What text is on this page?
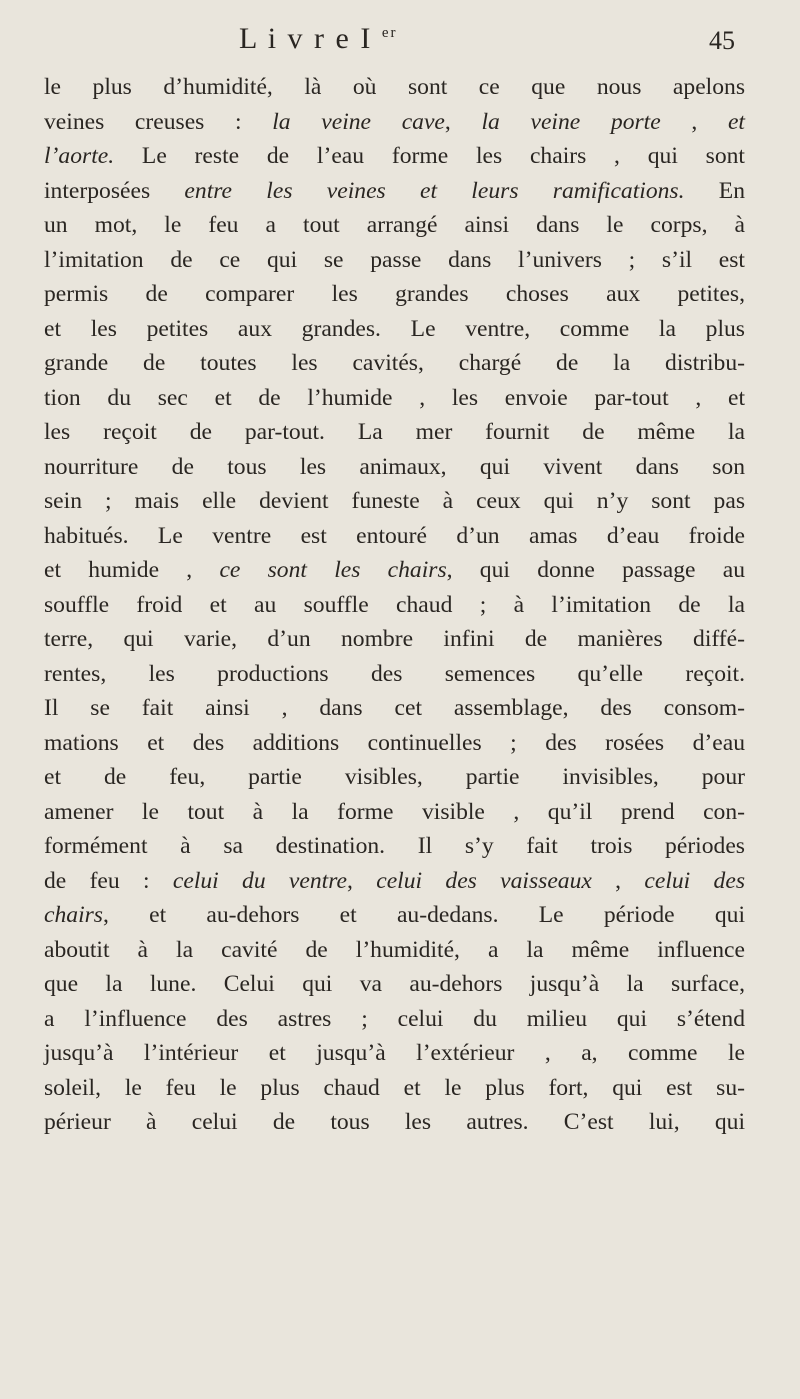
L i v r e I $^{er}$	45
le plus d’humidité, là où sont ce que nous apelons
veines creuses : la veine cave, la veine porte , et
l’aorte. Le reste de l’eau forme les chairs , qui sont
interposées entre les veines et leurs ramifications. En
un mot, le feu a tout arrangé ainsi dans le corps, à
l’imitation de ce qui se passe dans l’univers ; s’il est
permis de comparer les grandes choses aux petites,
et les petites aux grandes. Le ventre, comme la plus
grande de toutes les cavités, chargé de la distribu-
tion du sec et de l’humide , les envoie par-tout , et
les reçoit de par-tout. La mer fournit de même la
nourriture de tous les animaux, qui vivent dans son
sein ; mais elle devient funeste à ceux qui n’y sont pas
habitués. Le ventre est entouré d’un amas d’eau froide
et humide , ce sont les chairs, qui donne passage au
souffle froid et au souffle chaud ; à l’imitation de la
terre, qui varie, d’un nombre infini de manières diffé-
rentes, les productions des semences qu’elle reçoit.
Il se fait ainsi , dans cet assemblage, des consom-
mations et des additions continuelles ; des rosées d’eau
et de feu, partie visibles, partie invisibles, pour
amener le tout à la forme visible , qu’il prend con-
formément à sa destination. Il s’y fait trois périodes
de feu : celui du ventre, celui des vaisseaux , celui des
chairs, et au-dehors et au-dedans. Le période qui
aboutit à la cavité de l’humidité, a la même influence
que la lune. Celui qui va au-dehors jusqu’à la surface,
a l’influence des astres ; celui du milieu qui s’étend
jusqu’à l’intérieur et jusqu’à l’extérieur , a, comme le
soleil, le feu le plus chaud et le plus fort, qui est su-
périeur à celui de tous les autres. C’est lui, qui
